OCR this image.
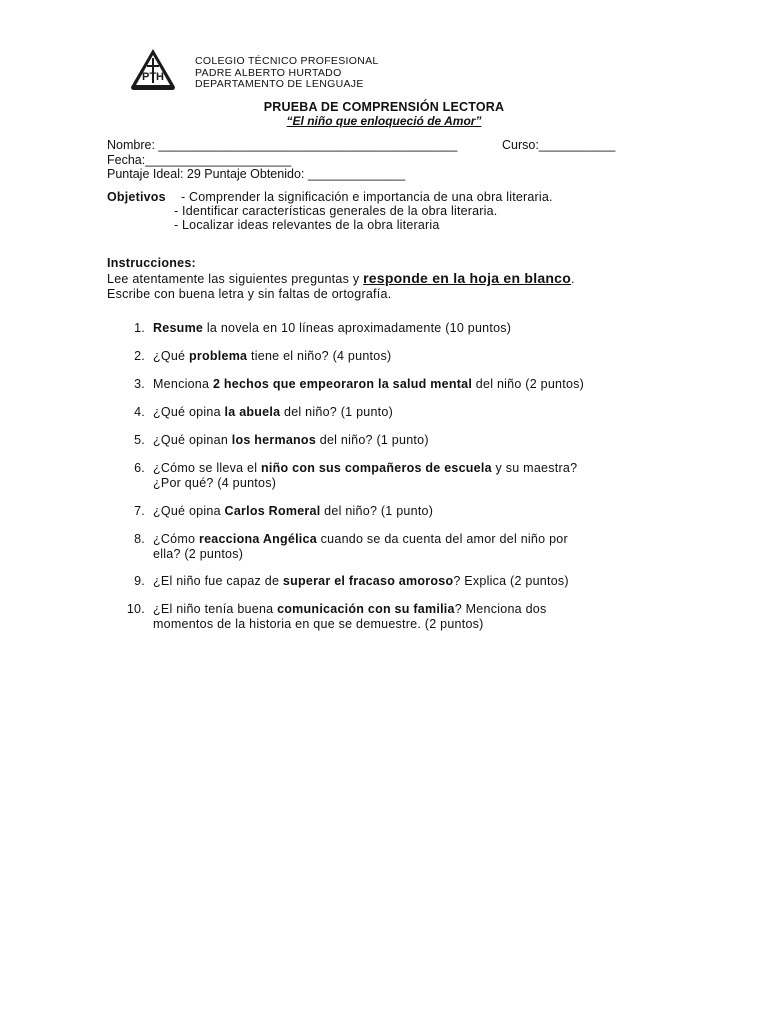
PTH
COLEGIO TÉCNICO PROFESIONAL
PADRE ALBERTO HURTADO
DEPARTAMENTO DE LENGUAJE
PRUEBA DE COMPRENSIÓN LECTORA
“El niño que enloqueció de Amor”
Nombre: ___________________________________________	Curso:___________
Fecha:_____________________
Puntaje Ideal: 29 Puntaje Obtenido: ______________
Objetivos - Comprender la significación e importancia de una obra literaria.
- Identificar características generales de la obra literaria.
- Localizar ideas relevantes de la obra literaria
Instrucciones:
Lee atentamente las siguientes preguntas y responde en la hoja en blanco.
Escribe con buena letra y sin faltas de ortografía.
1. Resume la novela en 10 líneas aproximadamente (10 puntos)
2. ¿Qué problema tiene el niño? (4 puntos)
3. Menciona 2 hechos que empeoraron la salud mental del niño (2 puntos)
4. ¿Qué opina la abuela del niño? (1 punto)
5. ¿Qué opinan los hermanos del niño? (1 punto)
6. ¿Cómo se lleva el niño con sus compañeros de escuela y su maestra?
¿Por qué? (4 puntos)
7. ¿Qué opina Carlos Romeral del niño? (1 punto)
8. ¿Cómo reacciona Angélica cuando se da cuenta del amor del niño por
ella? (2 puntos)
9. ¿El niño fue capaz de superar el fracaso amoroso? Explica (2 puntos)
10. ¿El niño tenía buena comunicación con su familia? Menciona dos
momentos de la historia en que se demuestre. (2 puntos)
